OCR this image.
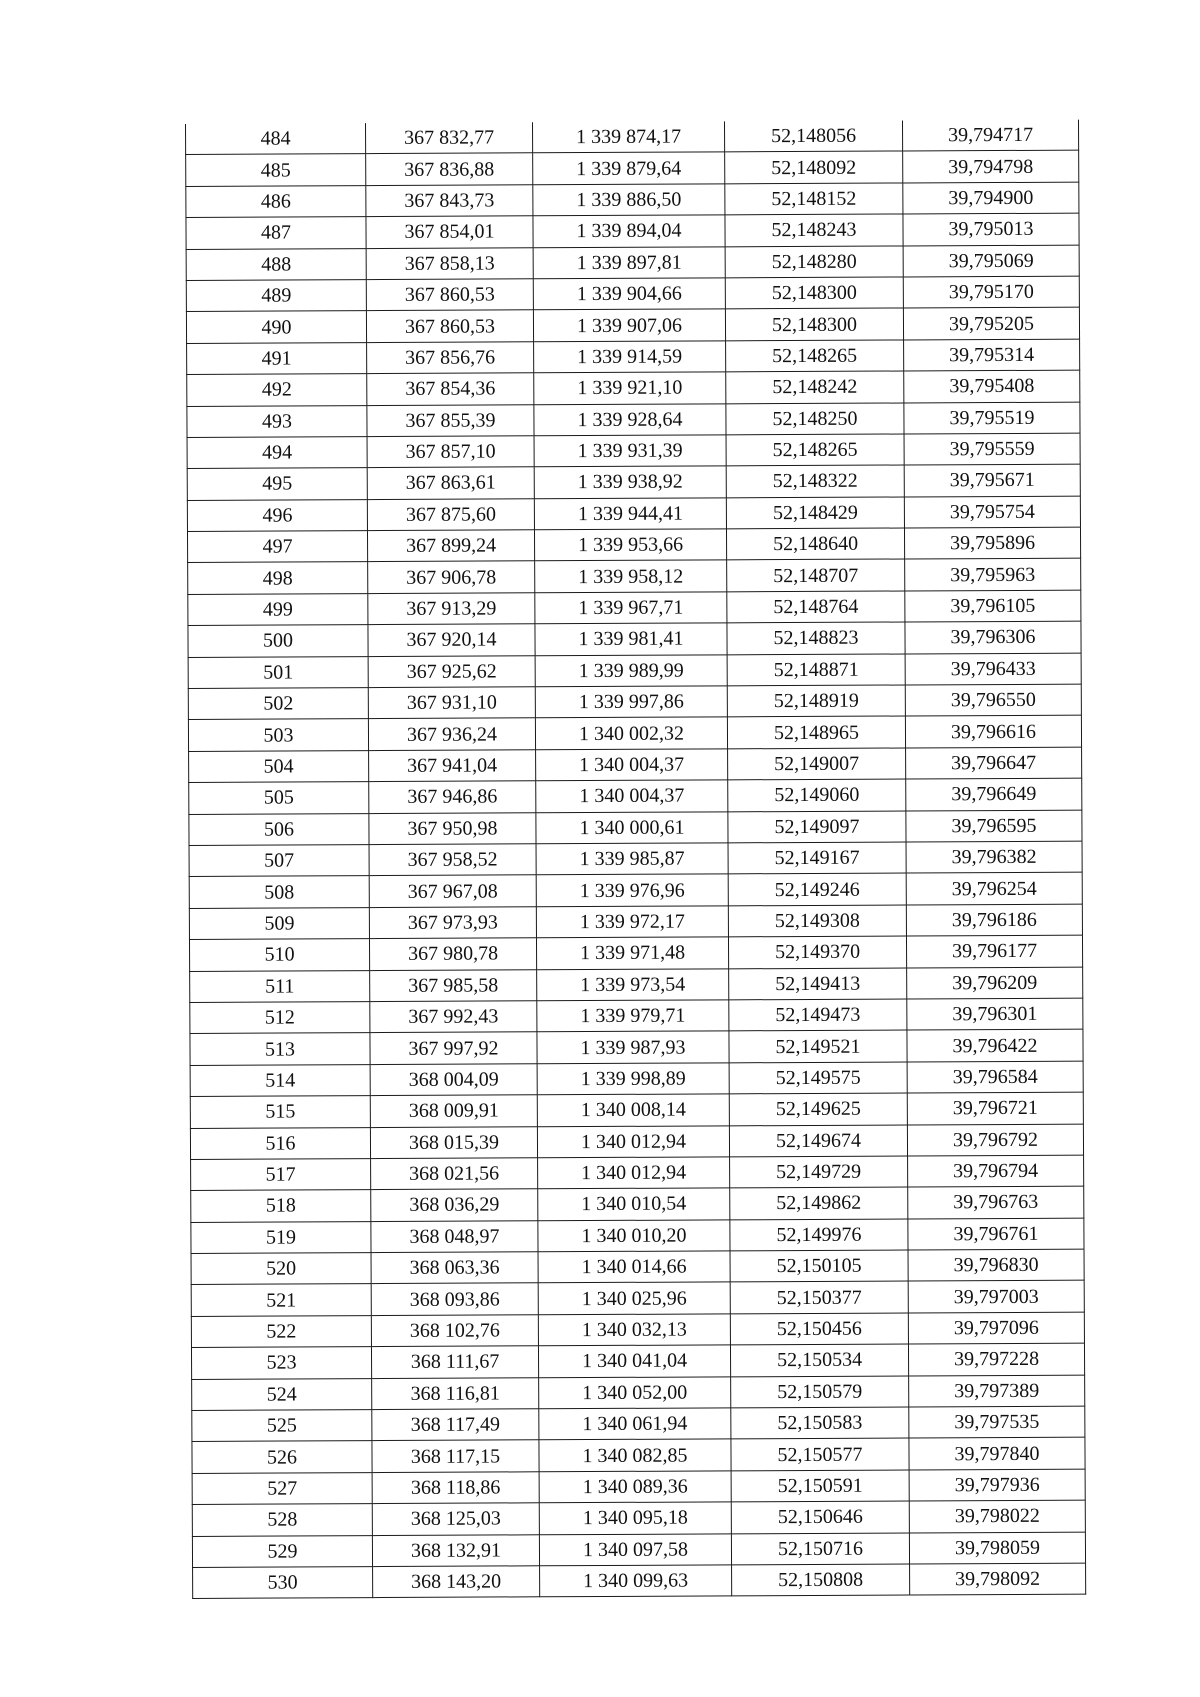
484	367 832,77	1 339 874,17	52,148056	39,794717
485	367 836,88	1 339 879,64	52,148092	39,794798
486	367 843,73	1 339 886,50	52,148152	39,794900
487	367 854,01	1 339 894,04	52,148243	39,795013
488	367 858,13	1 339 897,81	52,148280	39,795069
489	367 860,53	1 339 904,66	52,148300	39,795170
490	367 860,53	1 339 907,06	52,148300	39,795205
491	367 856,76	1 339 914,59	52,148265	39,795314
492	367 854,36	1 339 921,10	52,148242	39,795408
493	367 855,39	1 339 928,64	52,148250	39,795519
494	367 857,10	1 339 931,39	52,148265	39,795559
495	367 863,61	1 339 938,92	52,148322	39,795671
496	367 875,60	1 339 944,41	52,148429	39,795754
497	367 899,24	1 339 953,66	52,148640	39,795896
498	367 906,78	1 339 958,12	52,148707	39,795963
499	367 913,29	1 339 967,71	52,148764	39,796105
500	367 920,14	1 339 981,41	52,148823	39,796306
501	367 925,62	1 339 989,99	52,148871	39,796433
502	367 931,10	1 339 997,86	52,148919	39,796550
503	367 936,24	1 340 002,32	52,148965	39,796616
504	367 941,04	1 340 004,37	52,149007	39,796647
505	367 946,86	1 340 004,37	52,149060	39,796649
506	367 950,98	1 340 000,61	52,149097	39,796595
507	367 958,52	1 339 985,87	52,149167	39,796382
508	367 967,08	1 339 976,96	52,149246	39,796254
509	367 973,93	1 339 972,17	52,149308	39,796186
510	367 980,78	1 339 971,48	52,149370	39,796177
511	367 985,58	1 339 973,54	52,149413	39,796209
512	367 992,43	1 339 979,71	52,149473	39,796301
513	367 997,92	1 339 987,93	52,149521	39,796422
514	368 004,09	1 339 998,89	52,149575	39,796584
515	368 009,91	1 340 008,14	52,149625	39,796721
516	368 015,39	1 340 012,94	52,149674	39,796792
517	368 021,56	1 340 012,94	52,149729	39,796794
518	368 036,29	1 340 010,54	52,149862	39,796763
519	368 048,97	1 340 010,20	52,149976	39,796761
520	368 063,36	1 340 014,66	52,150105	39,796830
521	368 093,86	1 340 025,96	52,150377	39,797003
522	368 102,76	1 340 032,13	52,150456	39,797096
523	368 111,67	1 340 041,04	52,150534	39,797228
524	368 116,81	1 340 052,00	52,150579	39,797389
525	368 117,49	1 340 061,94	52,150583	39,797535
526	368 117,15	1 340 082,85	52,150577	39,797840
527	368 118,86	1 340 089,36	52,150591	39,797936
528	368 125,03	1 340 095,18	52,150646	39,798022
529	368 132,91	1 340 097,58	52,150716	39,798059
530	368 143,20	1 340 099,63	52,150808	39,798092
